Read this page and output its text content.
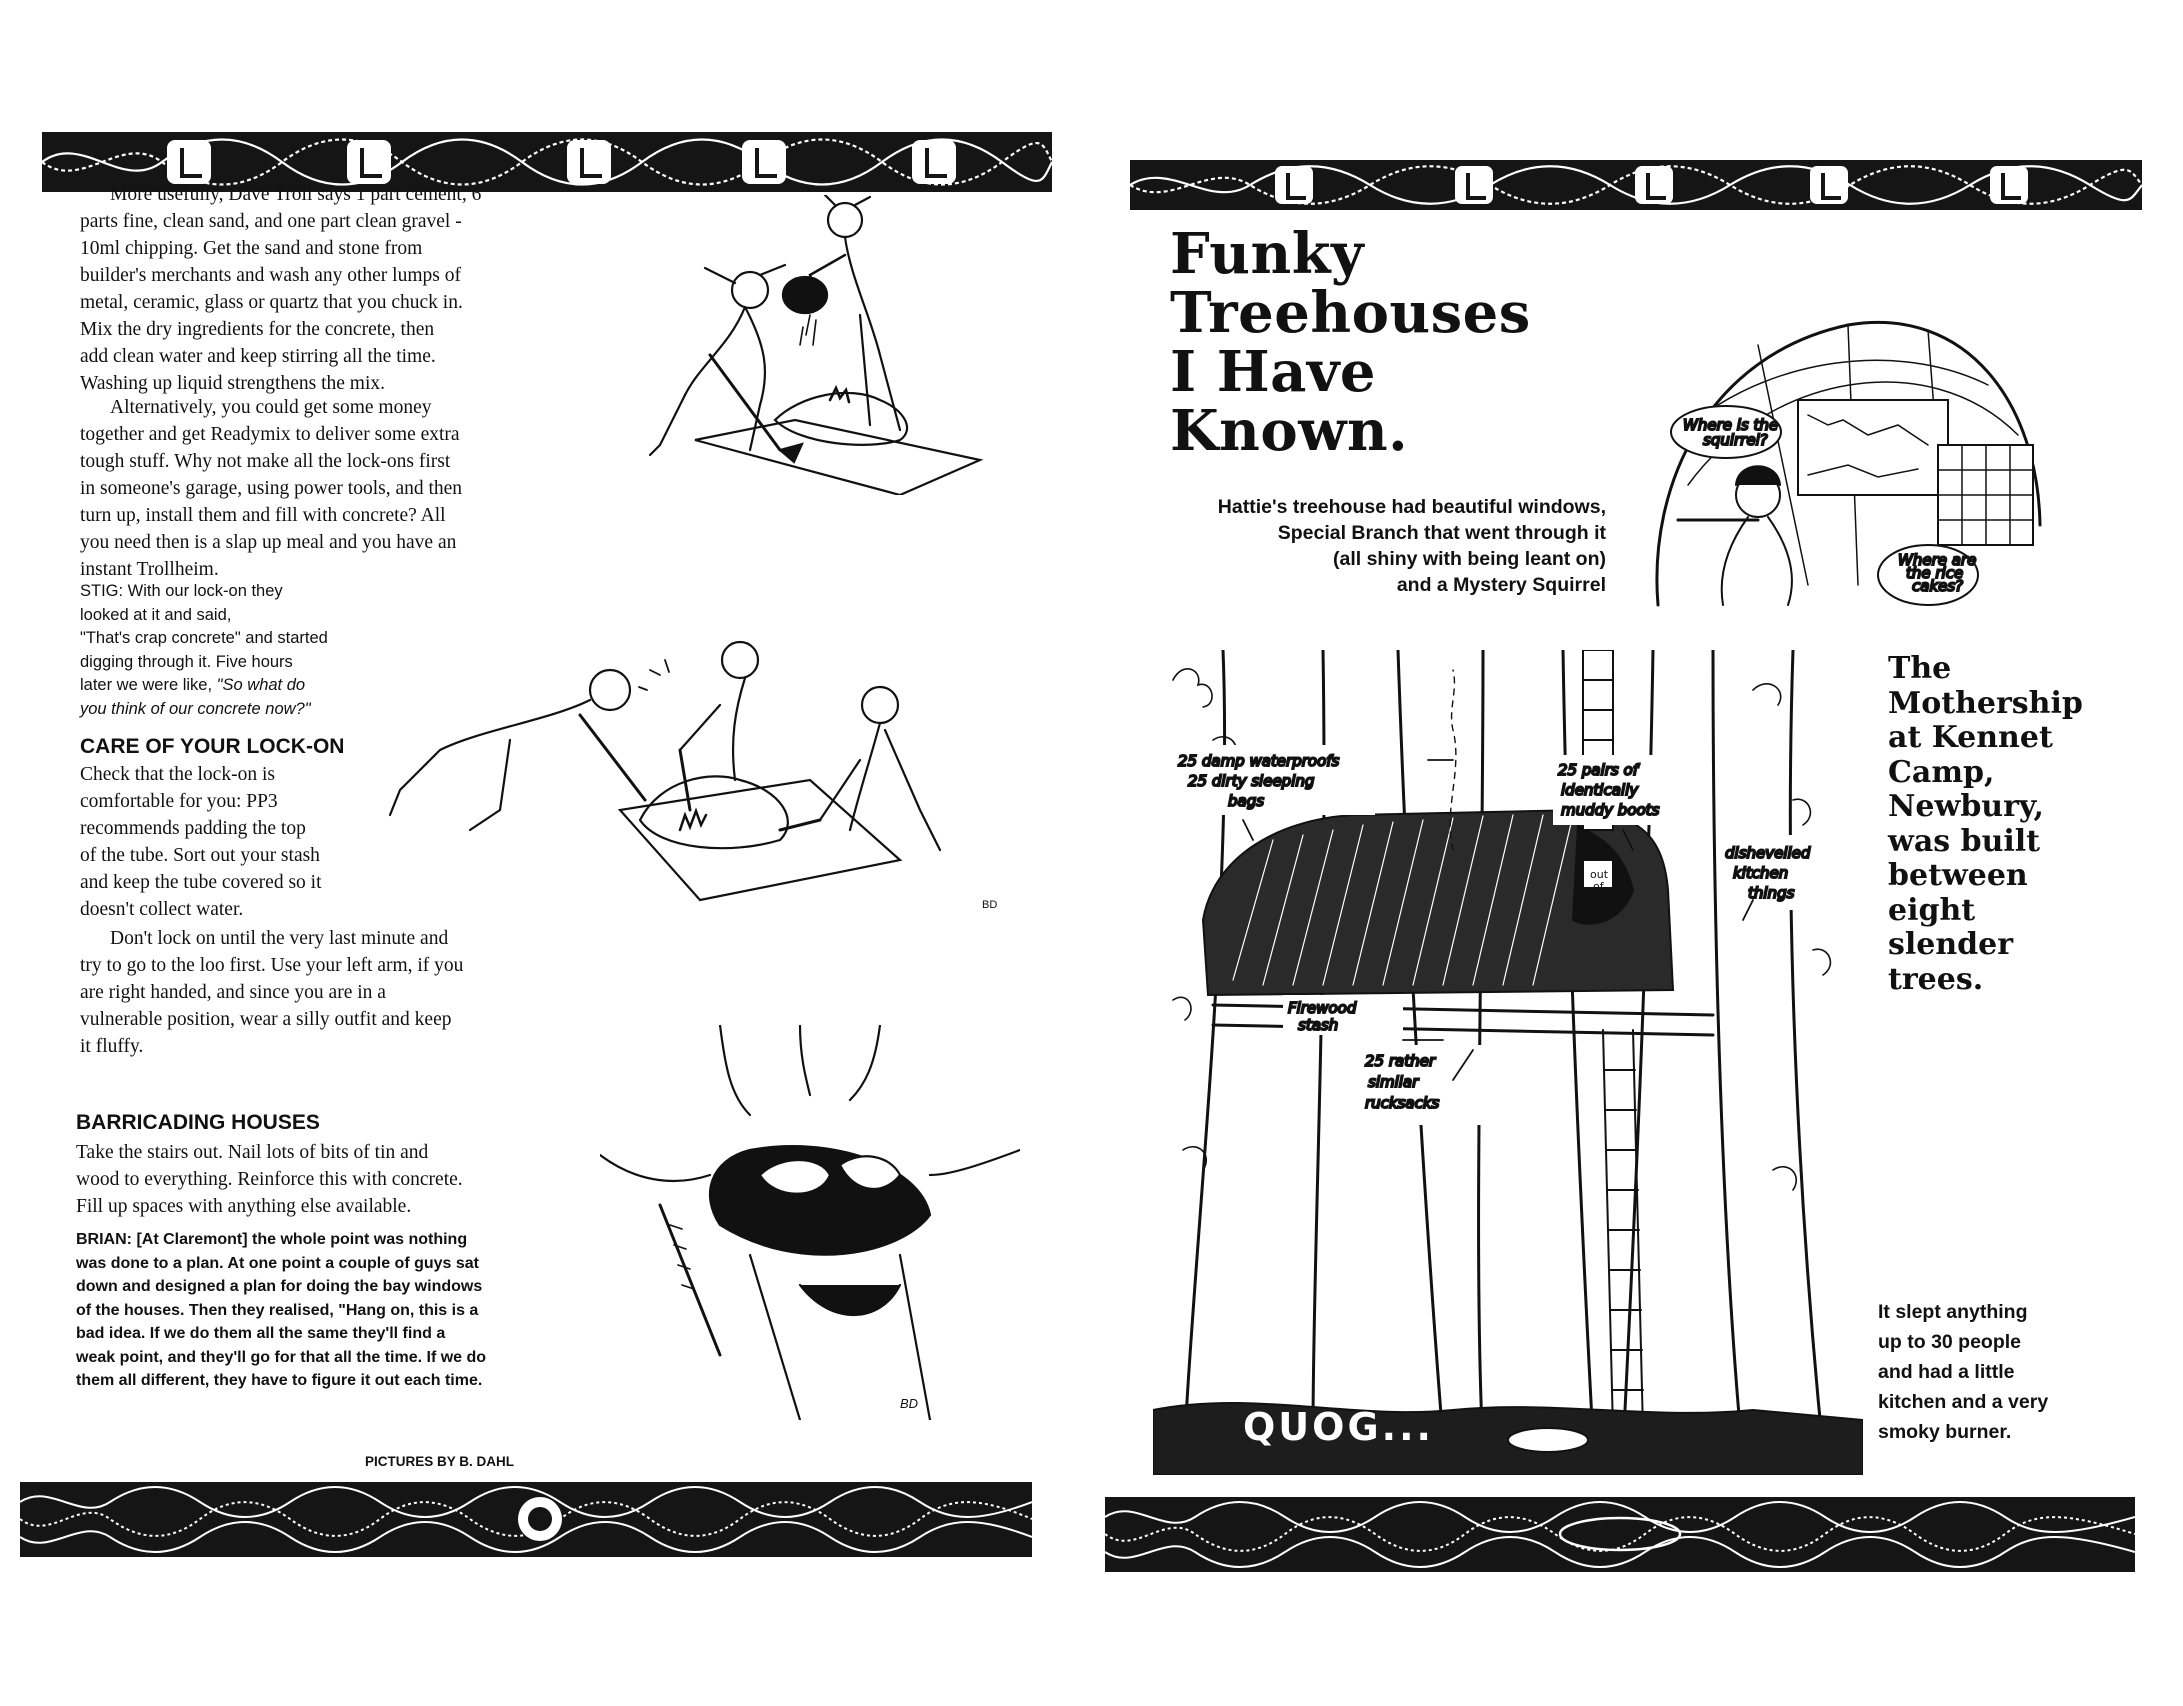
More usefully, Dave Troll says 1 part cement, 6

parts fine, clean sand, and one part clean gravel -

10ml chipping. Get the sand and stone from

builder's merchants and wash any other lumps of

metal, ceramic, glass or quartz that you chuck in.

Mix the dry ingredients for the concrete, then

add clean water and keep stirring all the time.

Washing up liquid strengthens the mix.

Alternatively, you could get some money

together and get Readymix to deliver some extra

tough stuff. Why not make all the lock-ons first

in someone's garage, using power tools, and then

turn up, install them and fill with concrete? All

you need then is a slap up meal and you have an

instant Trollheim.

STIG: With our lock-on they

looked at it and said,

"That's crap concrete" and started

digging through it. Five hours

later we were like, "So what do

you think of our concrete now?"

CARE OF YOUR LOCK-ON

Check that the lock-on is

comfortable for you: PP3

recommends padding the top

of the tube. Sort out your stash

and keep the tube covered so it

doesn't collect water.

Don't lock on until the very last minute and

try to go to the loo first. Use your left arm, if you

are right handed, and since you are in a

vulnerable position, wear a silly outfit and keep

it fluffy.

BARRICADING HOUSES

Take the stairs out. Nail lots of bits of tin and

wood to everything. Reinforce this with concrete.

Fill up spaces with anything else available.

BRIAN: [At Claremont] the whole point was nothing

was done to a plan. At one point a couple of guys sat

down and designed a plan for doing the bay windows

of the houses. Then they realised, "Hang on, this is a

bad idea. If we do them all the same they'll find a

weak point, and they'll go for that all the time. If we do

them all different, they have to figure it out each time.

PICTURES BY B. DAHL
BD
BD

Funky

Treehouses

I Have

Known.

Hattie's treehouse had beautiful windows,

Special Branch that went through it

(all shiny with being leant on)

and a Mystery Squirrel

Where is the
squirrel?
Where are
the rice
cakes?
25 damp waterproofs
25 dirty sleeping
bags
25 pairs of
identically
muddy boots
dishevelled
kitchen
things
Firewood
stash
25 rather
similar
rucksacks
out
of
QUOG...

The

Mothership

at Kennet

Camp,

Newbury,

was built

between

eight

slender

trees.

It slept anything

up to 30 people

and had a little

kitchen and a very

smoky burner.
